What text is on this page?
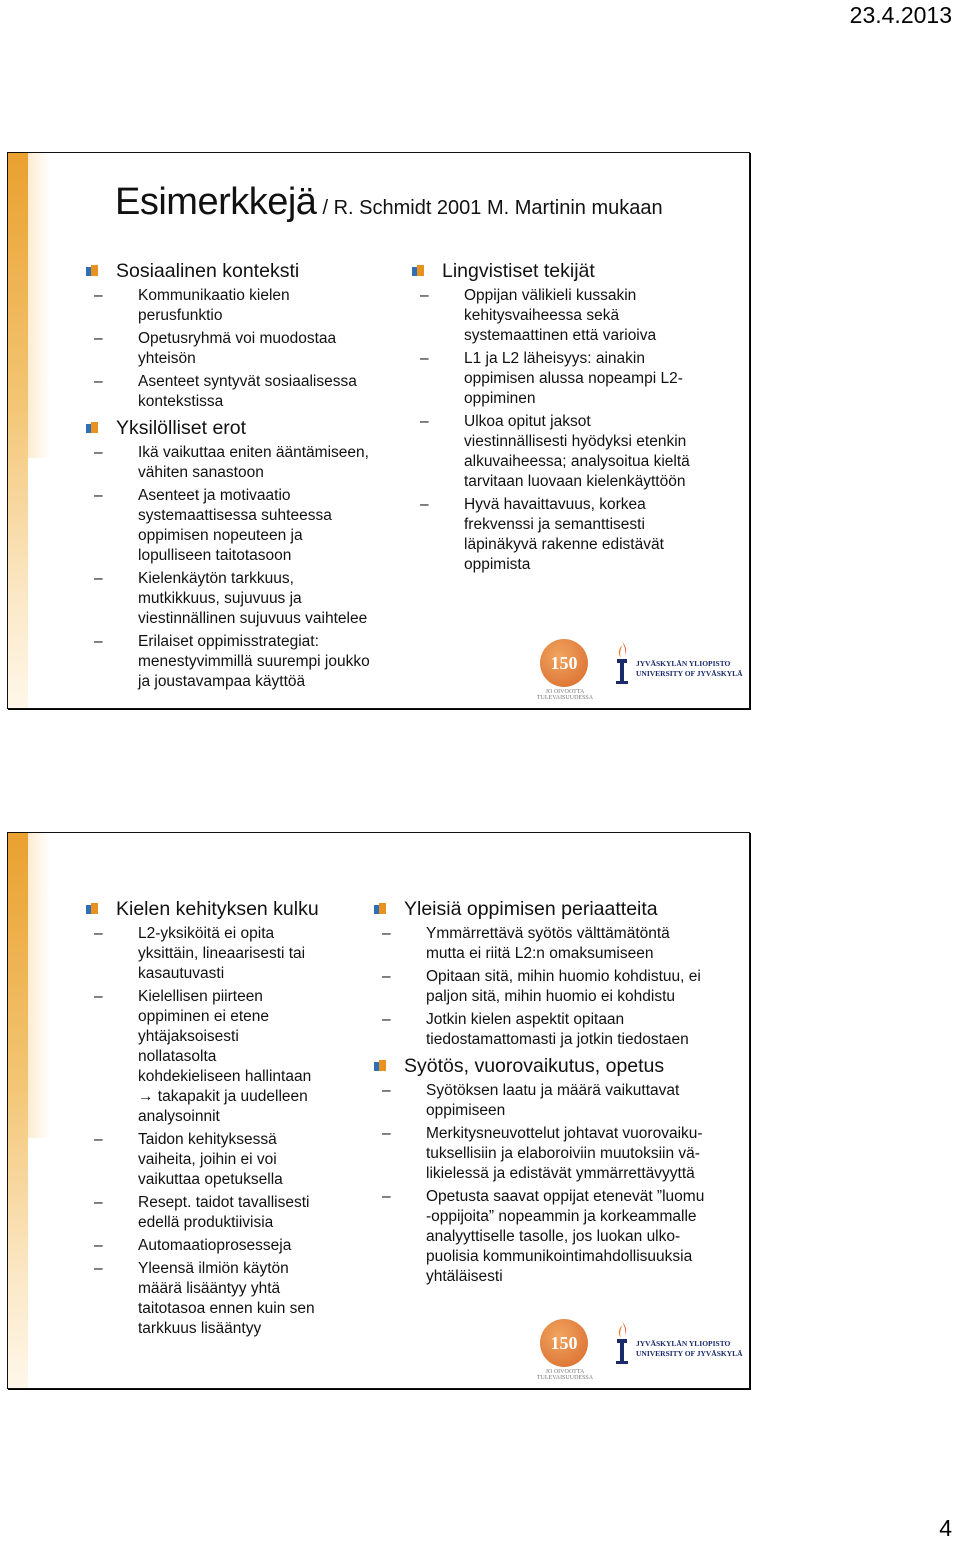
23.4.2013
Esimerkkejä / R. Schmidt 2001 M. Martinin mukaan
Sosiaalinen konteksti
– Kommunikaatio kielen
perusfunktio
– Opetusryhmä voi muodostaa
yhteisön
– Asenteet syntyvät sosiaalisessa
kontekstissa
Yksilölliset erot
– Ikä vaikuttaa eniten ääntämiseen,
vähiten sanastoon
– Asenteet ja motivaatio
systemaattisessa suhteessa
oppimisen nopeuteen ja
lopulliseen taitotasoon
– Kielenkäytön tarkkuus,
mutkikkuus, sujuvuus ja
viestinnällinen sujuvuus vaihtelee
– Erilaiset oppimisstrategiat:
menestyvimmillä suurempi joukko
ja joustavampaa käyttöä
Lingvistiset tekijät
– Oppijan välikieli kussakin
kehitysvaiheessa sekä
systemaattinen että varioiva
– L1 ja L2 läheisyys: ainakin
oppimisen alussa nopeampi L2-
oppiminen
– Ulkoa opitut jaksot
viestinnällisesti hyödyksi etenkin
alkuvaiheessa; analysoitua kieltä
tarvitaan luovaan kielenkäyttöön
– Hyvä havaittavuus, korkea
frekvenssi ja semanttisesti
läpinäkyvä rakenne edistävät
oppimista
150
JO OIVOOTTA TULEVAISUUDESSA
JYVÄSKYLÄN YLIOPISTO
UNIVERSITY OF JYVÄSKYLÄ
Kielen kehityksen kulku
– L2-yksiköitä ei opita
yksittäin, lineaarisesti tai
kasautuvasti
– Kielellisen piirteen
oppiminen ei etene
yhtäjaksoisesti
nollatasolta
kohdekieliseen hallintaan
→ takapakit ja uudelleen
analysoinnit
– Taidon kehityksessä
vaiheita, joihin ei voi
vaikuttaa opetuksella
– Resept. taidot tavallisesti
edellä produktiivisia
– Automaatioprosesseja
– Yleensä ilmiön käytön
määrä lisääntyy yhtä
taitotasoa ennen kuin sen
tarkkuus lisääntyy
Yleisiä oppimisen periaatteita
– Ymmärrettävä syötös välttämätöntä
mutta ei riitä L2:n omaksumiseen
– Opitaan sitä, mihin huomio kohdistuu, ei
paljon sitä, mihin huomio ei kohdistu
– Jotkin kielen aspektit opitaan
tiedostamattomasti ja jotkin tiedostaen
Syötös, vuorovaikutus, opetus
– Syötöksen laatu ja määrä vaikuttavat
oppimiseen
– Merkitysneuvottelut johtavat vuorovaiku-
tuksellisiin ja elaboroiviin muutoksiin vä-
likielessä ja edistävät ymmärrettävyyttä
– Opetusta saavat oppijat etenevät ”luomu
-oppijoita” nopeammin ja korkeammalle
analyyttiselle tasolle, jos luokan ulko-
puolisia kommunikointimahdollisuuksia
yhtäläisesti
150
JO OIVOOTTA TULEVAISUUDESSA
JYVÄSKYLÄN YLIOPISTO
UNIVERSITY OF JYVÄSKYLÄ
4
